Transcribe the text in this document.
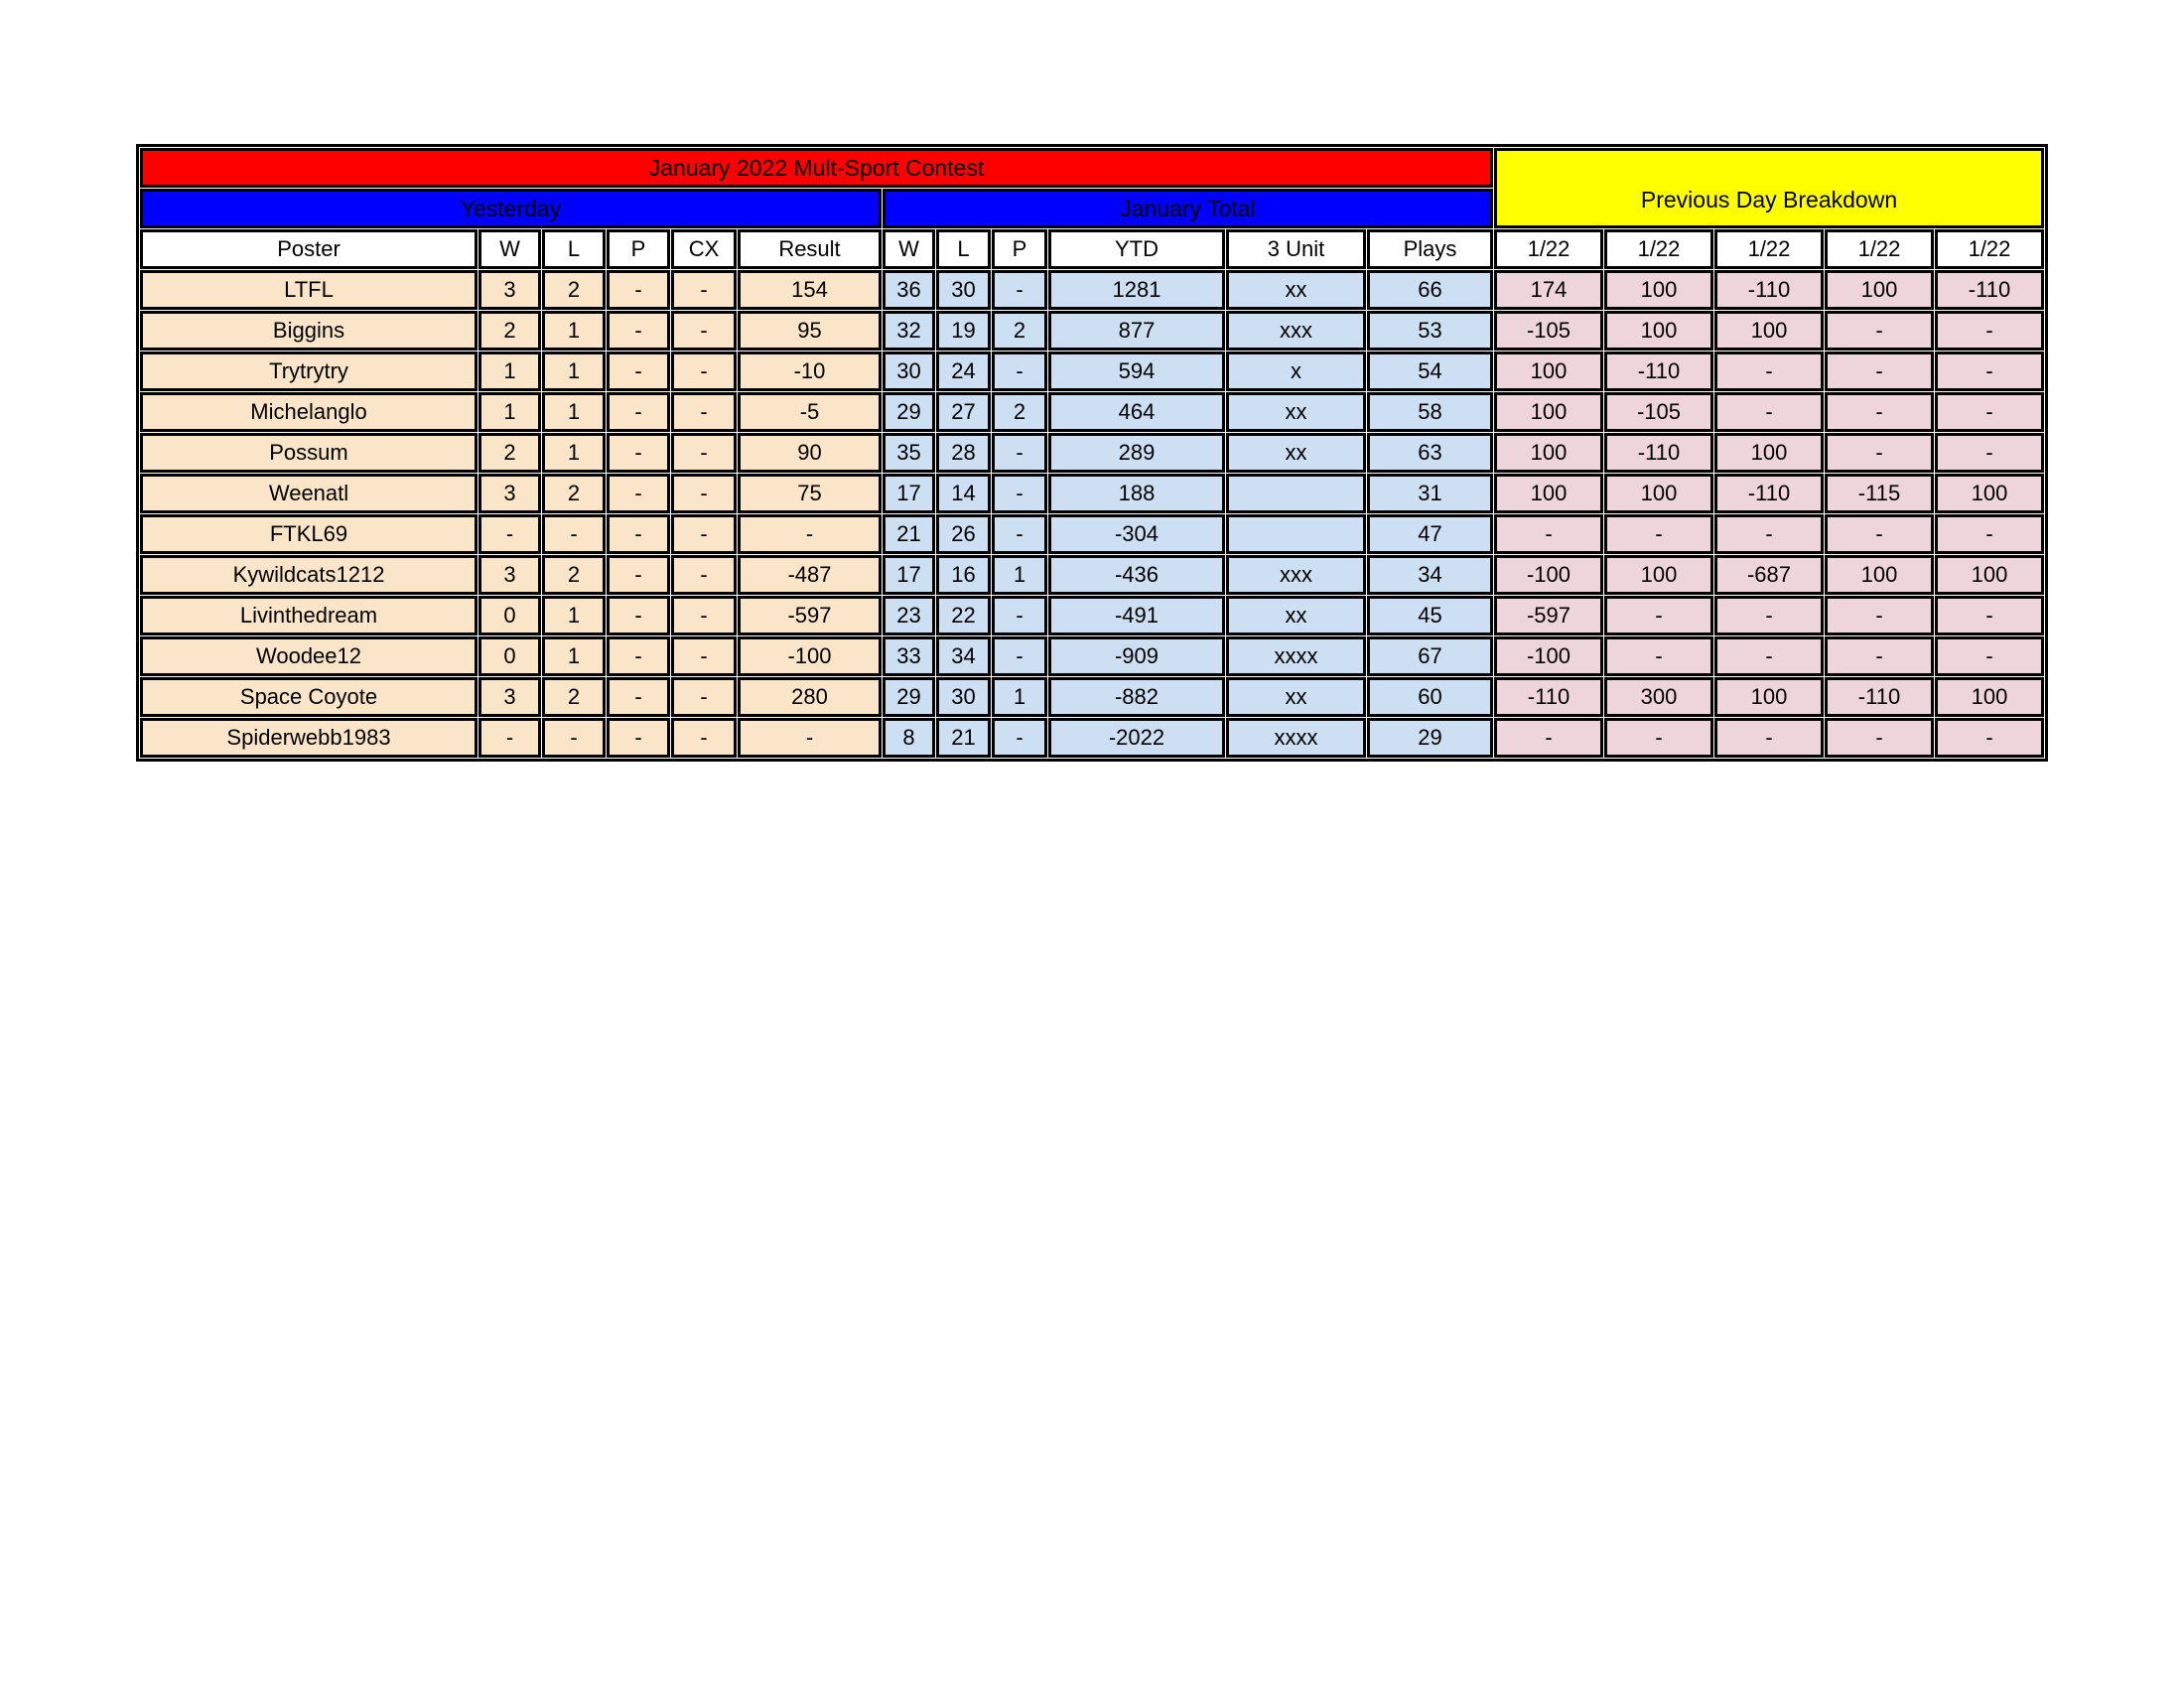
January 2022 Mult-Sport Contest												Previous Day Breakdown				
Yesterday						January Total										
Poster	W	L	P	CX	Result	W	L	P	YTD	3 Unit	Plays	1/22	1/22	1/22	1/22	1/22
LTFL	3	2	-	-	154	36	30	-	1281	xx	66	174	100	-110	100	-110
Biggins	2	1	-	-	95	32	19	2	877	xxx	53	-105	100	100	-	-
Trytrytry	1	1	-	-	-10	30	24	-	594	x	54	100	-110	-	-	-
Michelanglo	1	1	-	-	-5	29	27	2	464	xx	58	100	-105	-	-	-
Possum	2	1	-	-	90	35	28	-	289	xx	63	100	-110	100	-	-
Weenatl	3	2	-	-	75	17	14	-	188		31	100	100	-110	-115	100
FTKL69	-	-	-	-	-	21	26	-	-304		47	-	-	-	-	-
Kywildcats1212	3	2	-	-	-487	17	16	1	-436	xxx	34	-100	100	-687	100	100
Livinthedream	0	1	-	-	-597	23	22	-	-491	xx	45	-597	-	-	-	-
Woodee12	0	1	-	-	-100	33	34	-	-909	xxxx	67	-100	-	-	-	-
Space Coyote	3	2	-	-	280	29	30	1	-882	xx	60	-110	300	100	-110	100
Spiderwebb1983	-	-	-	-	-	8	21	-	-2022	xxxx	29	-	-	-	-	-
